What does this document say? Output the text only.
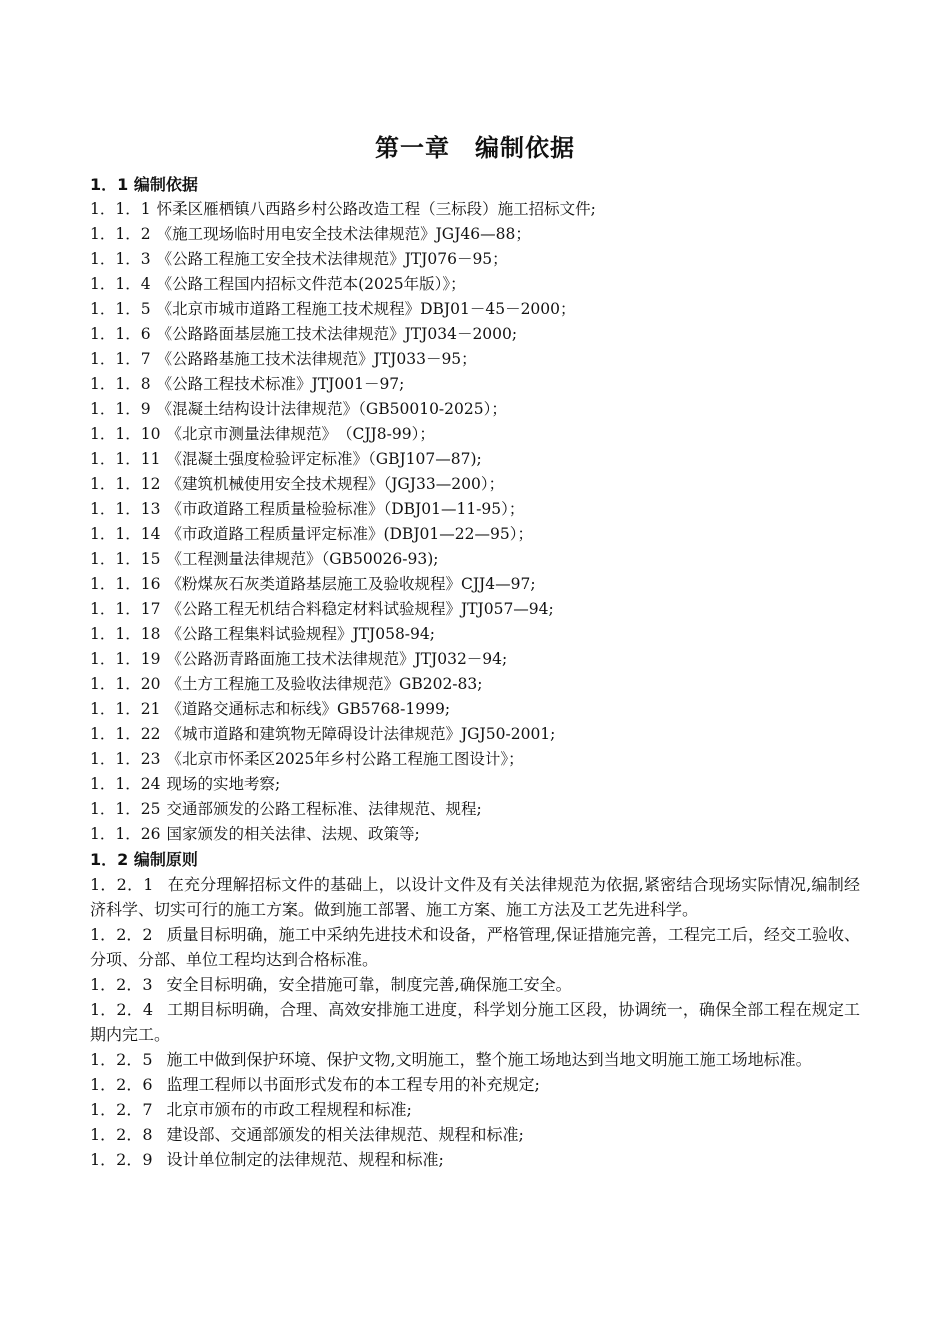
第一章　编制依据
1．1 编制依据
1．1．1 怀柔区雁栖镇八西路乡村公路改造工程（三标段）施工招标文件;
1．1．2 《施工现场临时用电安全技术法律规范》JGJ46—88；
1．1．3 《公路工程施工安全技术法律规范》JTJ076－95；
1．1．4 《公路工程国内招标文件范本(2025年版）》；
1．1．5 《北京市城市道路工程施工技术规程》DBJ01－45－2000；
1．1．6 《公路路面基层施工技术法律规范》JTJ034－2000;
1．1．7 《公路路基施工技术法律规范》JTJ033－95；
1．1．8 《公路工程技术标准》JTJ001－97;
1．1．9 《混凝土结构设计法律规范》（GB50010-2025）；
1．1．10 《北京市测量法律规范》　（CJJ8-99）；
1．1．11 《混凝土强度检验评定标准》（GBJ107—87);
1．1．12 《建筑机械使用安全技术规程》（JGJ33—200）；
1．1．13 《市政道路工程质量检验标准》（DBJ01—11-95）；
1．1．14 《市政道路工程质量评定标准》(DBJ01—22—95）；
1．1．15 《工程测量法律规范》（GB50026-93);
1．1．16 《粉煤灰石灰类道路基层施工及验收规程》CJJ4—97;
1．1．17 《公路工程无机结合料稳定材料试验规程》JTJ057—94;
1．1．18 《公路工程集料试验规程》JTJ058-94;
1．1．19 《公路沥青路面施工技术法律规范》JTJ032－94;
1．1．20 《土方工程施工及验收法律规范》GB202-83;
1．1．21 《道路交通标志和标线》GB5768-1999;
1．1．22 《城市道路和建筑物无障碍设计法律规范》JGJ50-2001;
1．1．23 《北京市怀柔区2025年乡村公路工程施工图设计》；
1．1．24 现场的实地考察;
1．1．25 交通部颁发的公路工程标准、法律规范、规程;
1．1．26 国家颁发的相关法律、法规、政策等;
1．2 编制原则
1．2．1 在充分理解招标文件的基础上，以设计文件及有关法律规范为依据,紧密结合现场实际情况,编制经济科学、切实可行的施工方案。做到施工部署、施工方案、施工方法及工艺先进科学。
1．2．2 质量目标明确，施工中采纳先进技术和设备，严格管理,保证措施完善，工程完工后，经交工验收、分项、分部、单位工程均达到合格标准。
1．2．3 安全目标明确，安全措施可靠，制度完善,确保施工安全。
1．2．4 工期目标明确，合理、高效安排施工进度，科学划分施工区段，协调统一，确保全部工程在规定工期内完工。
1．2．5 施工中做到保护环境、保护文物,文明施工，整个施工场地达到当地文明施工施工场地标准。
1．2．6 监理工程师以书面形式发布的本工程专用的补充规定;
1．2．7 北京市颁布的市政工程规程和标准;
1．2．8 建设部、交通部颁发的相关法律规范、规程和标准;
1．2．9 设计单位制定的法律规范、规程和标准;
